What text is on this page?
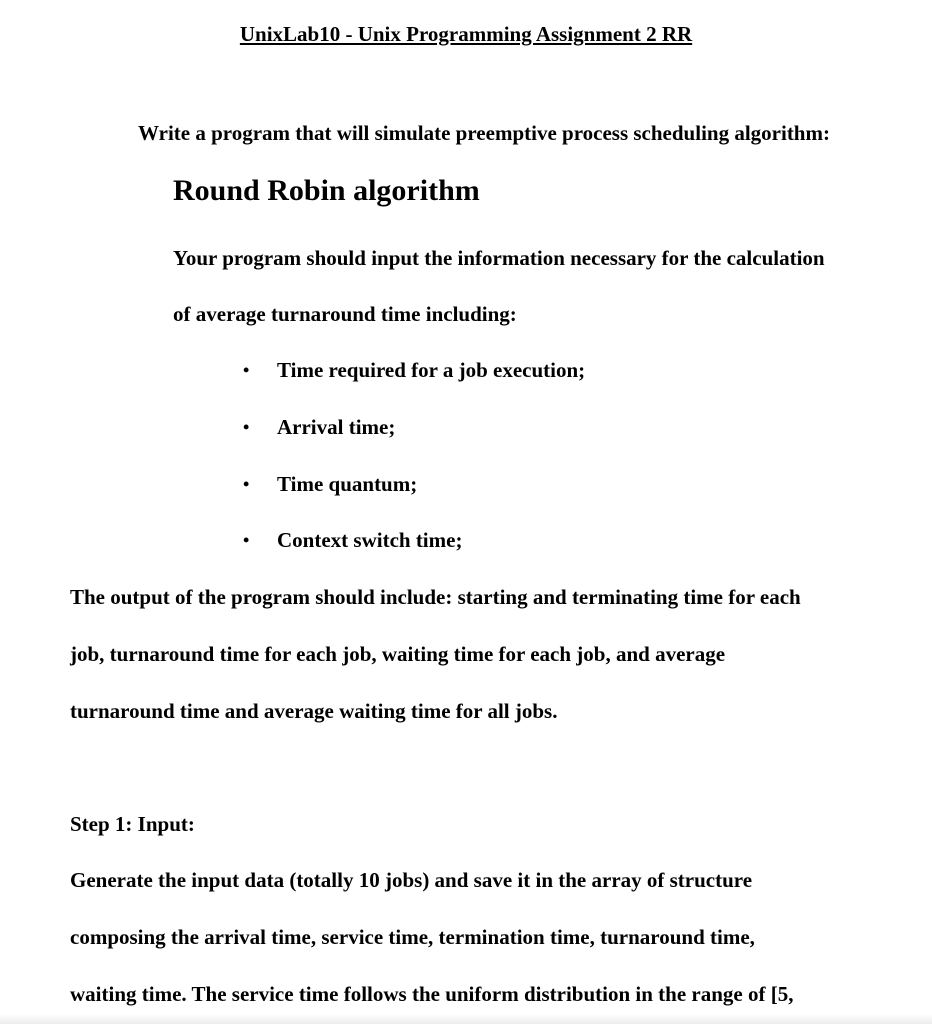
UnixLab10 - Unix Programming Assignment 2 RR

Write a program that will simulate preemptive process scheduling algorithm:

Round Robin algorithm

Your program should input the information necessary for the calculation

of average turnaround time including:

• Time required for a job execution;

• Arrival time;

• Time quantum;

• Context switch time;

The output of the program should include: starting and terminating time for each

job, turnaround time for each job, waiting time for each job, and average

turnaround time and average waiting time for all jobs.

Step 1: Input:

Generate the input data (totally 10 jobs) and save it in the array of structure

composing the arrival time, service time, termination time, turnaround time,

waiting time. The service time follows the uniform distribution in the range of [5,
